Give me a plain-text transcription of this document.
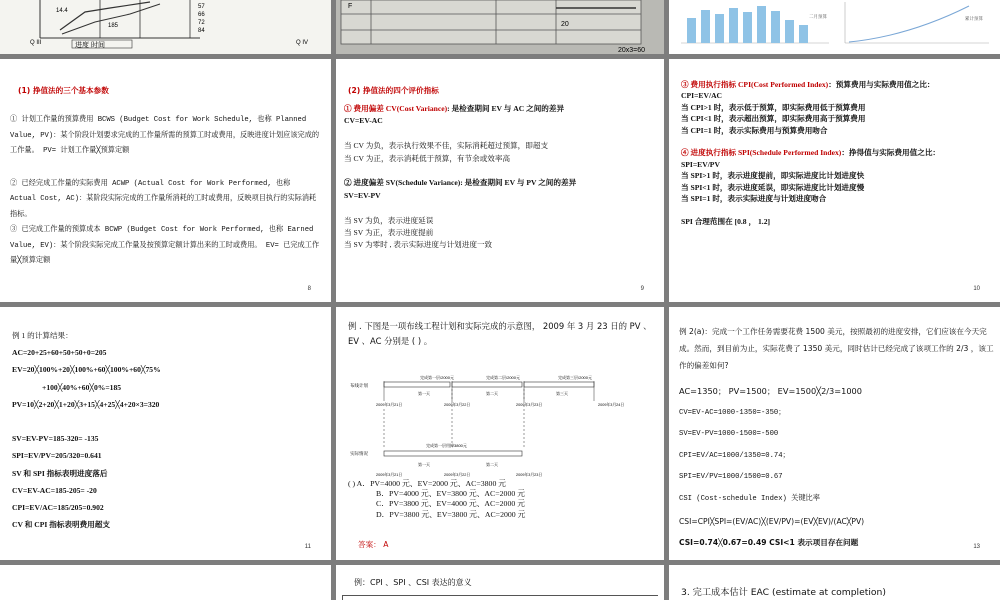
14.4
185
57
66
72
84
进度 时间
Q III	Q IV
F
20
20x3=60
二月预算	累计预算
(1) 挣值法的三个基本参数
① 计划工作量的预算费用 BCWS (Budget Cost for Work Schedule, 也称 Planned Value, PV)：某个阶段计划要求完成的工作量所需的预算工时或费用，反映进度计划应该完成的工作量。 PV= 计划工作量╳预算定额
② 已经完成工作量的实际费用 ACWP (Actual Cost for Work Performed, 也称 Actual Cost, AC)：某阶段实际完成的工作量所消耗的工时或费用，反映项目执行的实际消耗指标。
③ 已完成工作量的预算成本 BCWP (Budget Cost for Work Performed, 也称 Earned Value, EV)：某个阶段实际完成工作量及按预算定额计算出来的工时或费用。 EV= 已完成工作量╳预算定额
8
(2) 挣值法的四个评价指标
① 费用偏差 CV(Cost Variance): 是检查期间 EV 与 AC 之间的差异
CV=EV-AC

当 CV 为负，表示执行效果不佳，实际消耗超过预算，即超支
当 CV 为正，表示消耗低于预算，有节余或效率高

② 进度偏差 SV(Schedule Variance): 是检查期间 EV 与 PV 之间的差异
SV=EV-PV

当 SV 为负，表示进度延误
当 SV 为正，表示进度提前
当 SV 为零时 , 表示实际进度与计划进度一致
9
③ 费用执行指标 CPI(Cost Performed Index)：预算费用与实际费用值之比：
CPI=EV/AC
当 CPI>1 时，表示低于预算，即实际费用低于预算费用
当 CPI<1 时，表示超出预算，即实际费用高于预算费用
当 CPI=1 时，表示实际费用与预算费用吻合

④ 进度执行指标 SPI(Schedule Performed Index)：挣得值与实际费用值之比：
SPI=EV/PV
当 SPI>1 时，表示进度提前，即实际进度比计划进度快
当 SPI<1 时，表示进度延误，即实际进度比计划进度慢
当 SPI=1 时，表示实际进度与计划进度吻合

SPI 合理范围在 [0.8 ， 1.2]
10
例 1 的计算结果：
AC=20+25+60+50+50+0=205
EV=20╳100%+20╳100%+60╳100%+60╳75%
+100╳40%+60╳0%=185
PV=10╳2+20╳1+20╳3+15╳4+25╳4+20×3=320

SV=EV-PV=185-320= -135
SPI=EV/PV=205/320=0.641
SV 和 SPI 指标表明进度落后
CV=EV-AC=185-205= -20
CPI=EV/AC=185/205=0.902
CV 和 CPI 指标表明费用超支
11
例 . 下图是一项布线工程计划和实际完成的示意图， 2009 年 3 月 23 日的 PV 、EV 、AC 分别是 ( ) 。
布线计划
完成第一层/2000元	完成第二层/2000元	完成第三层/2000元
第一天	第二天	第三天
2009年3月21日	2009年3月22日	2009年3月23日	2009年3月24日
实际情况
完成第一层用掉3800元
第一天	第二天
2009年3月21日	2009年3月22日	2009年3月23日
( ) A．PV=4000 元、EV=2000 元、AC=3800 元
B．PV=4000 元、EV=3800 元、AC=2000 元
C．PV=3800 元、EV=4000 元、AC=2000 元
D．PV=3800 元、EV=3800 元、AC=2000 元
答案： A
例 2(a)：完成一个工作任务需要花费 1500 美元，按照最初的进度安排，它们应该在今天完成。然而，到目前为止，实际花费了 1350 美元，同时估计已经完成了该项工作的 2/3 ，该工作的偏差如何?
AC=1350； PV=1500； EV=1500╳2/3=1000
CV=EV-AC=1000-1350=-350；
SV=EV-PV=1000-1500=-500
CPI=EV/AC=1000/1350=0.74；
SPI=EV/PV=1000/1500=0.67
CSI (Cost-schedule Index) 关键比率
CSI=CPI╳SPI=(EV/AC)╳(EV/PV)=(EV╳EV)/(AC╳PV)
CSI=0.74╳0.67=0.49 CSI<1 表示项目存在问题	13
例：CPI 、SPI 、CSI 表达的意义
3. 完工成本估计 EAC (estimate at completion)
